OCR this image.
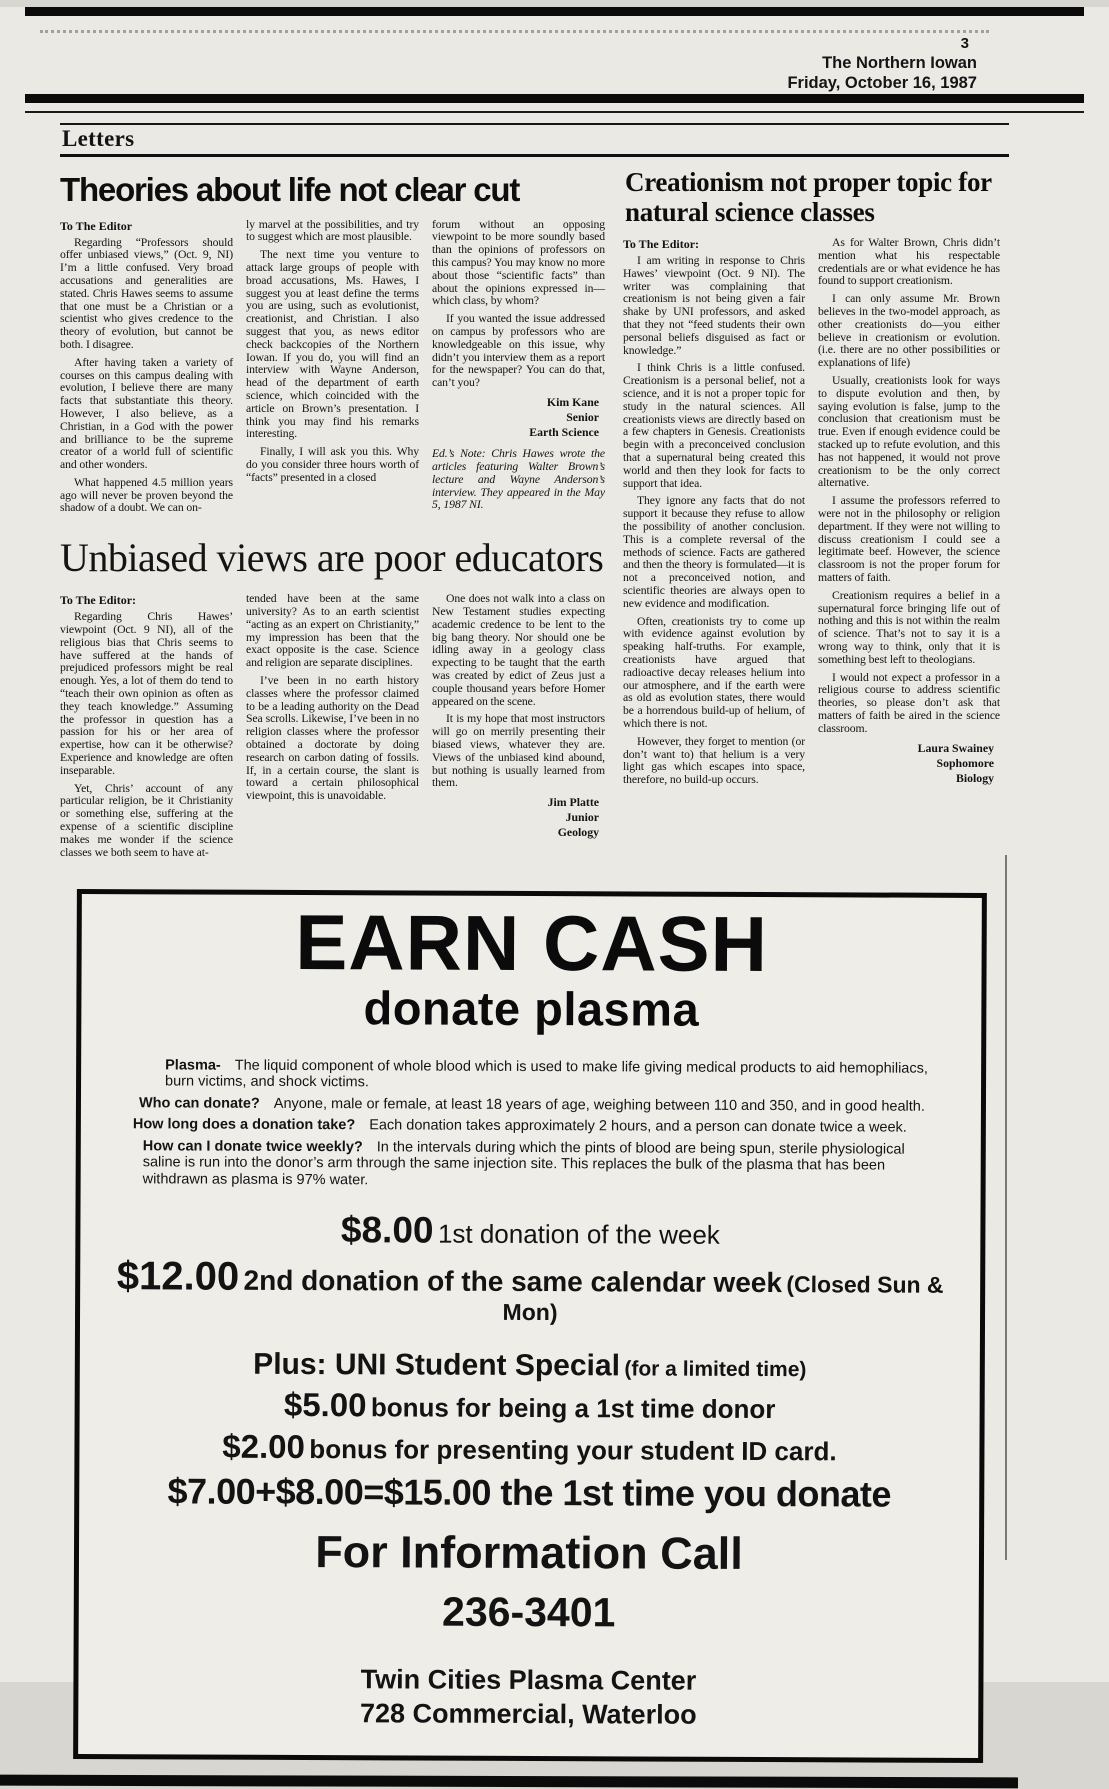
3
The Northern Iowan
Friday, October 16, 1987
Letters
Theories about life not clear cut
To The Editor

Regarding “Professors should offer unbiased views,” (Oct. 9, NI) I’m a little confused. Very broad accusations and generalities are stated. Chris Hawes seems to assume that one must be a Christian or a scientist who gives credence to the theory of evolution, but cannot be both. I disagree.

After having taken a variety of courses on this campus dealing with evolution, I believe there are many facts that substantiate this theory. However, I also believe, as a Christian, in a God with the power and brilliance to be the supreme creator of a world full of scientific and other wonders.

What happened 4.5 million years ago will never be proven beyond the shadow of a doubt. We can on-

ly marvel at the possibilities, and try to suggest which are most plausible.

The next time you venture to attack large groups of people with broad accusations, Ms. Hawes, I suggest you at least define the terms you are using, such as evolutionist, creationist, and Christian. I also suggest that you, as news editor check backcopies of the Northern Iowan. If you do, you will find an interview with Wayne Anderson, head of the department of earth science, which coincided with the article on Brown’s presentation. I think you may find his remarks interesting.

Finally, I will ask you this. Why do you consider three hours worth of “facts” presented in a closed

forum without an opposing viewpoint to be more soundly based than the opinions of professors on this campus? You may know no more about those “scientific facts” than about the opinions expressed in—which class, by whom?

If you wanted the issue addressed on campus by professors who are knowledgeable on this issue, why didn’t you interview them as a report for the newspaper? You can do that, can’t you?

Kim Kane
Senior
Earth Science

Ed.’s Note: Chris Hawes wrote the articles featuring Walter Brown’s lecture and Wayne Anderson’s interview. They appeared in the May 5, 1987 NI.

Unbiased views are poor educators
To The Editor:

Regarding Chris Hawes’ viewpoint (Oct. 9 NI), all of the religious bias that Chris seems to have suffered at the hands of prejudiced professors might be real enough. Yes, a lot of them do tend to “teach their own opinion as often as they teach knowledge.” Assuming the professor in question has a passion for his or her area of expertise, how can it be otherwise? Experience and knowledge are often inseparable.

Yet, Chris’ account of any particular religion, be it Christianity or something else, suffering at the expense of a scientific discipline makes me wonder if the science classes we both seem to have at-

tended have been at the same university? As to an earth scientist “acting as an expert on Christianity,” my impression has been that the exact opposite is the case. Science and religion are separate disciplines.

I’ve been in no earth history classes where the professor claimed to be a leading authority on the Dead Sea scrolls. Likewise, I’ve been in no religion classes where the professor obtained a doctorate by doing research on carbon dating of fossils. If, in a certain course, the slant is toward a certain philosophical viewpoint, this is unavoidable.

One does not walk into a class on New Testament studies expecting academic credence to be lent to the big bang theory. Nor should one be idling away in a geology class expecting to be taught that the earth was created by edict of Zeus just a couple thousand years before Homer appeared on the scene.

It is my hope that most instructors will go on merrily presenting their biased views, whatever they are. Views of the unbiased kind abound, but nothing is usually learned from them.

Jim Platte
Junior
Geology
Creationism not proper topic for natural science classes
To The Editor:

I am writing in response to Chris Hawes’ viewpoint (Oct. 9 NI). The writer was complaining that creationism is not being given a fair shake by UNI professors, and asked that they not “feed students their own personal beliefs disguised as fact or knowledge.”

I think Chris is a little confused. Creationism is a personal belief, not a science, and it is not a proper topic for study in the natural sciences. All creationists views are directly based on a few chapters in Genesis. Creationists begin with a preconceived conclusion that a supernatural being created this world and then they look for facts to support that idea.

They ignore any facts that do not support it because they refuse to allow the possibility of another conclusion. This is a complete reversal of the methods of science. Facts are gathered and then the theory is formulated—it is not a preconceived notion, and scientific theories are always open to new evidence and modification.

Often, creationists try to come up with evidence against evolution by speaking half-truths. For example, creationists have argued that radioactive decay releases helium into our atmosphere, and if the earth were as old as evolution states, there would be a horrendous build-up of helium, of which there is not.

However, they forget to mention (or don’t want to) that helium is a very light gas which escapes into space, therefore, no build-up occurs.

As for Walter Brown, Chris didn’t mention what his respectable credentials are or what evidence he has found to support creationism.

I can only assume Mr. Brown believes in the two-model approach, as other creationists do—you either believe in creationism or evolution. (i.e. there are no other possibilities or explanations of life)

Usually, creationists look for ways to dispute evolution and then, by saying evolution is false, jump to the conclusion that creationism must be true. Even if enough evidence could be stacked up to refute evolution, and this has not happened, it would not prove creationism to be the only correct alternative.

I assume the professors referred to were not in the philosophy or religion department. If they were not willing to discuss creationism I could see a legitimate beef. However, the science classroom is not the proper forum for matters of faith.

Creationism requires a belief in a supernatural force bringing life out of nothing and this is not within the realm of science. That’s not to say it is a wrong way to think, only that it is something best left to theologians.

I would not expect a professor in a religious course to address scientific theories, so please don’t ask that matters of faith be aired in the science classroom.

Laura Swainey
Sophomore
Biology
EARN CASH
donate plasma

Plasma- The liquid component of whole blood which is used to make life giving medical products to aid hemophiliacs, burn victims, and shock victims.

Who can donate? Anyone, male or female, at least 18 years of age, weighing between 110 and 350, and in good health.

How long does a donation take? Each donation takes approximately 2 hours, and a person can donate twice a week.

How can I donate twice weekly? In the intervals during which the pints of blood are being spun, sterile physiological saline is run into the donor’s arm through the same injection site. This replaces the bulk of the plasma that has been withdrawn as plasma is 97% water.

$8.00 1st donation of the week
$12.00 2nd donation of the same calendar week (Closed Sun & Mon)
Plus: UNI Student Special (for a limited time)
$5.00 bonus for being a 1st time donor
$2.00 bonus for presenting your student ID card.
$7.00+$8.00=$15.00 the 1st time you donate
For Information Call
236-3401
Twin Cities Plasma Center
728 Commercial, Waterloo
